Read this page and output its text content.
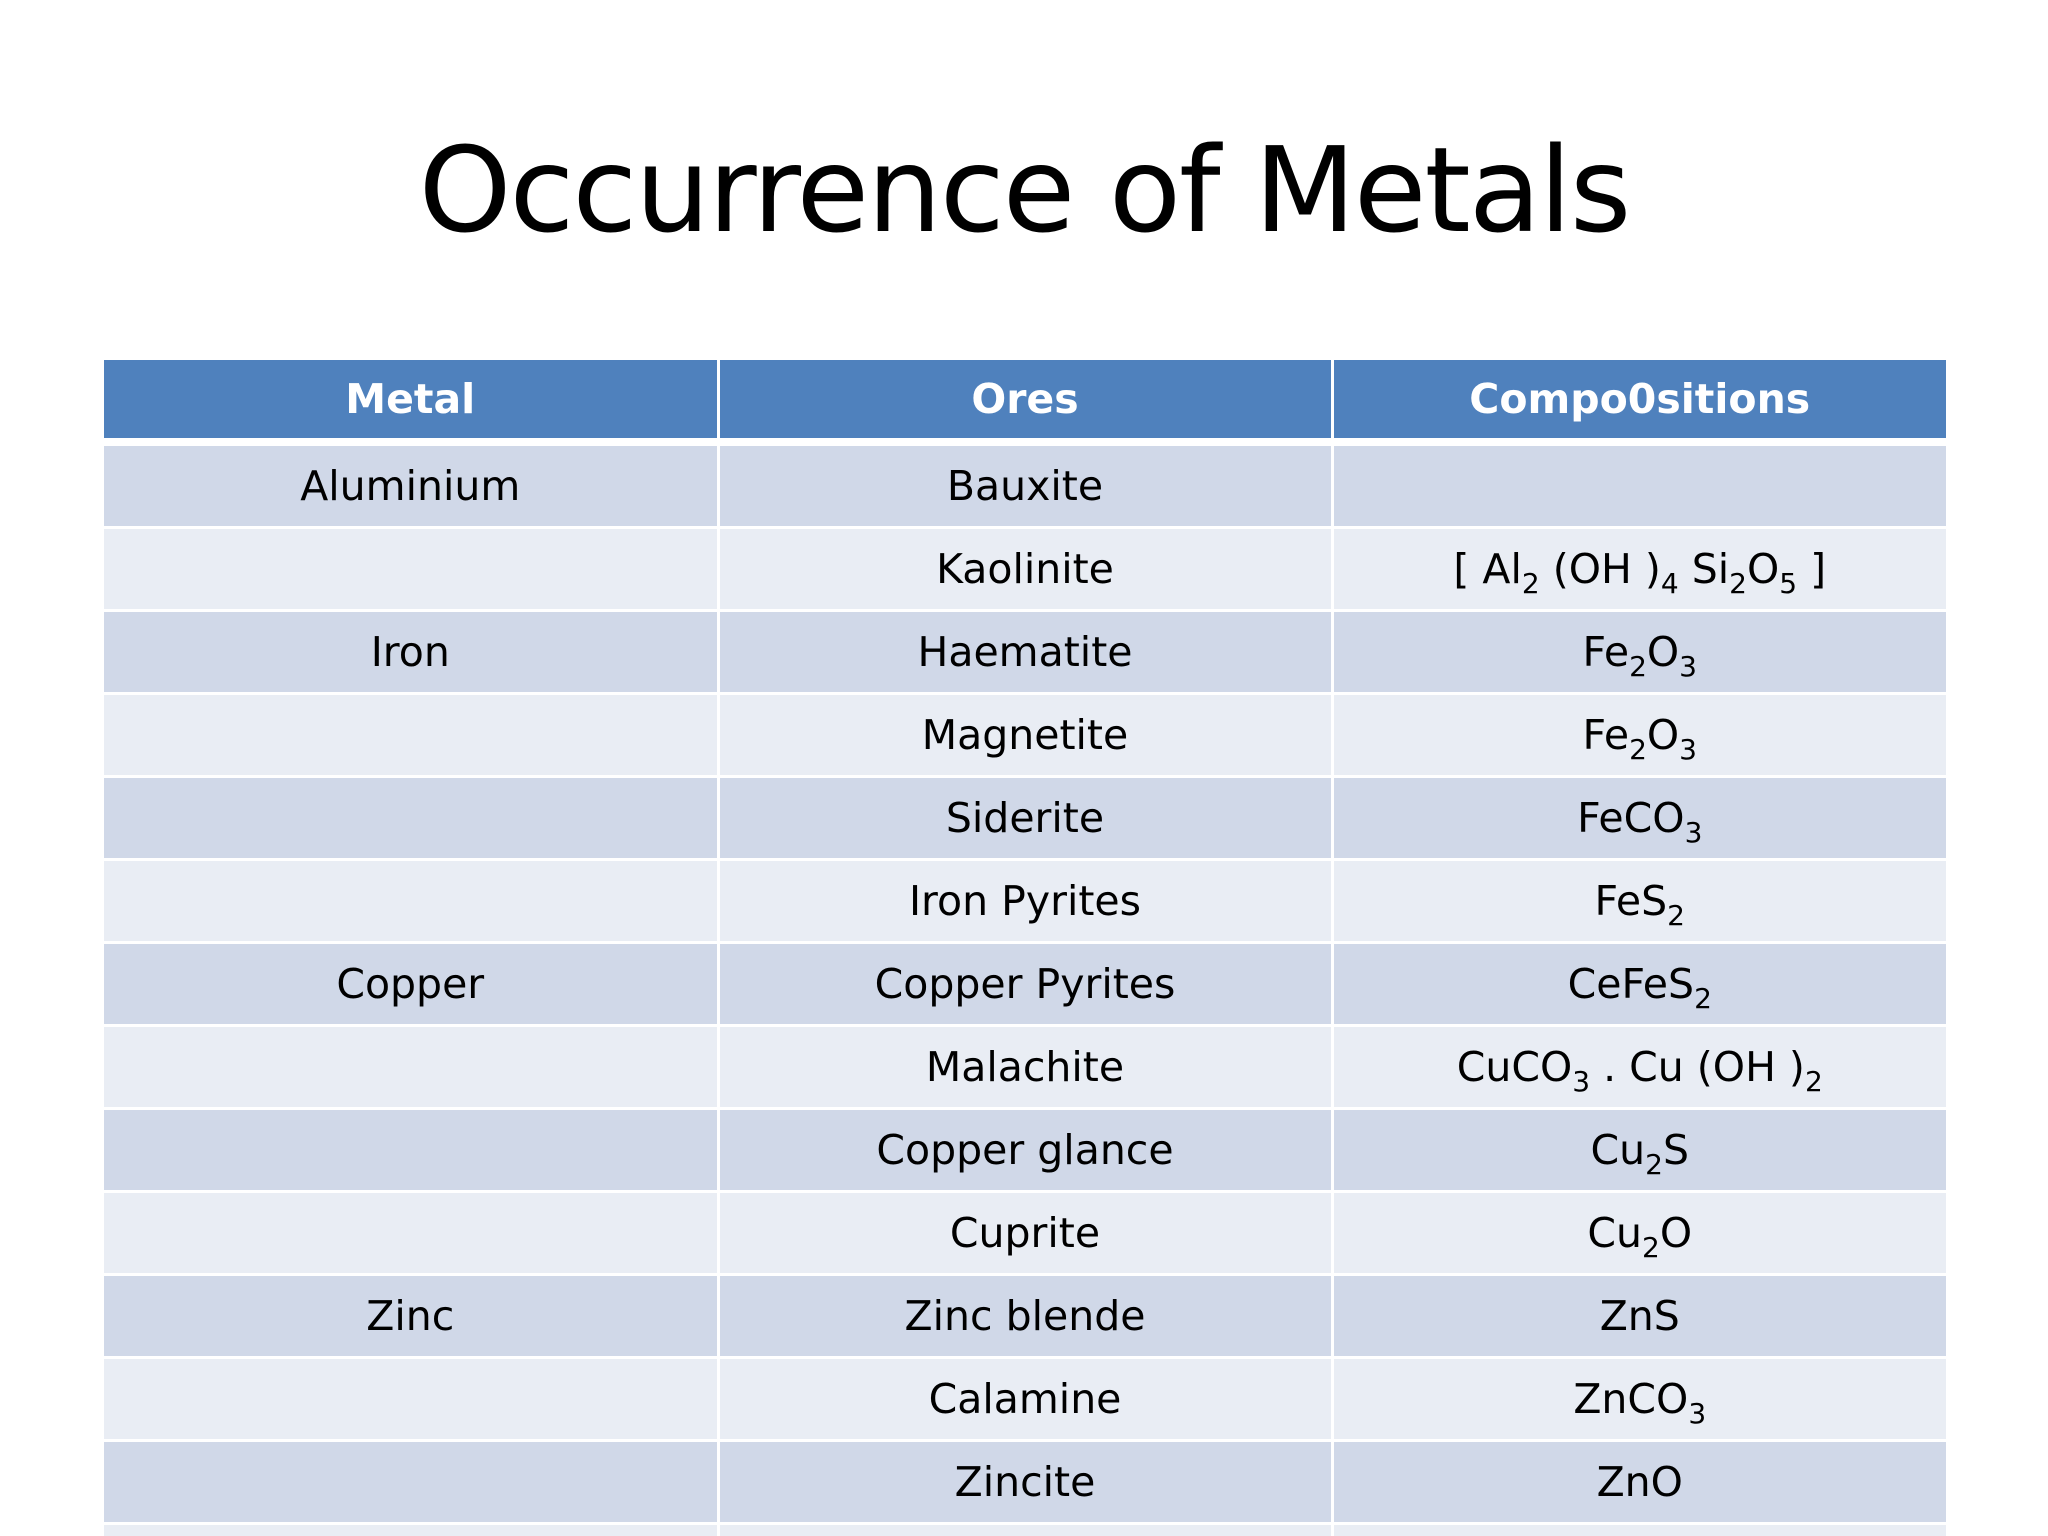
Occurrence of Metals
Metal	Ores	Compo0sitions
Aluminium	Bauxite	
	Kaolinite	[ $Al_2$ (OH )$_4$ $Si_2O_5$ ]
Iron	Haematite	$Fe_2O_3$
	Magnetite	$Fe_2O_3$
	Siderite	FeCO$_3$
	Iron Pyrites	FeS$_2$
Copper	Copper Pyrites	CeFeS$_2$
	Malachite	CuCO$_3$ . Cu (OH )$_2$
	Copper glance	$Cu_2S$
	Cuprite	$Cu_2O$
Zinc	Zinc blende	ZnS
	Calamine	ZnCO$_3$
	Zincite	ZnO
